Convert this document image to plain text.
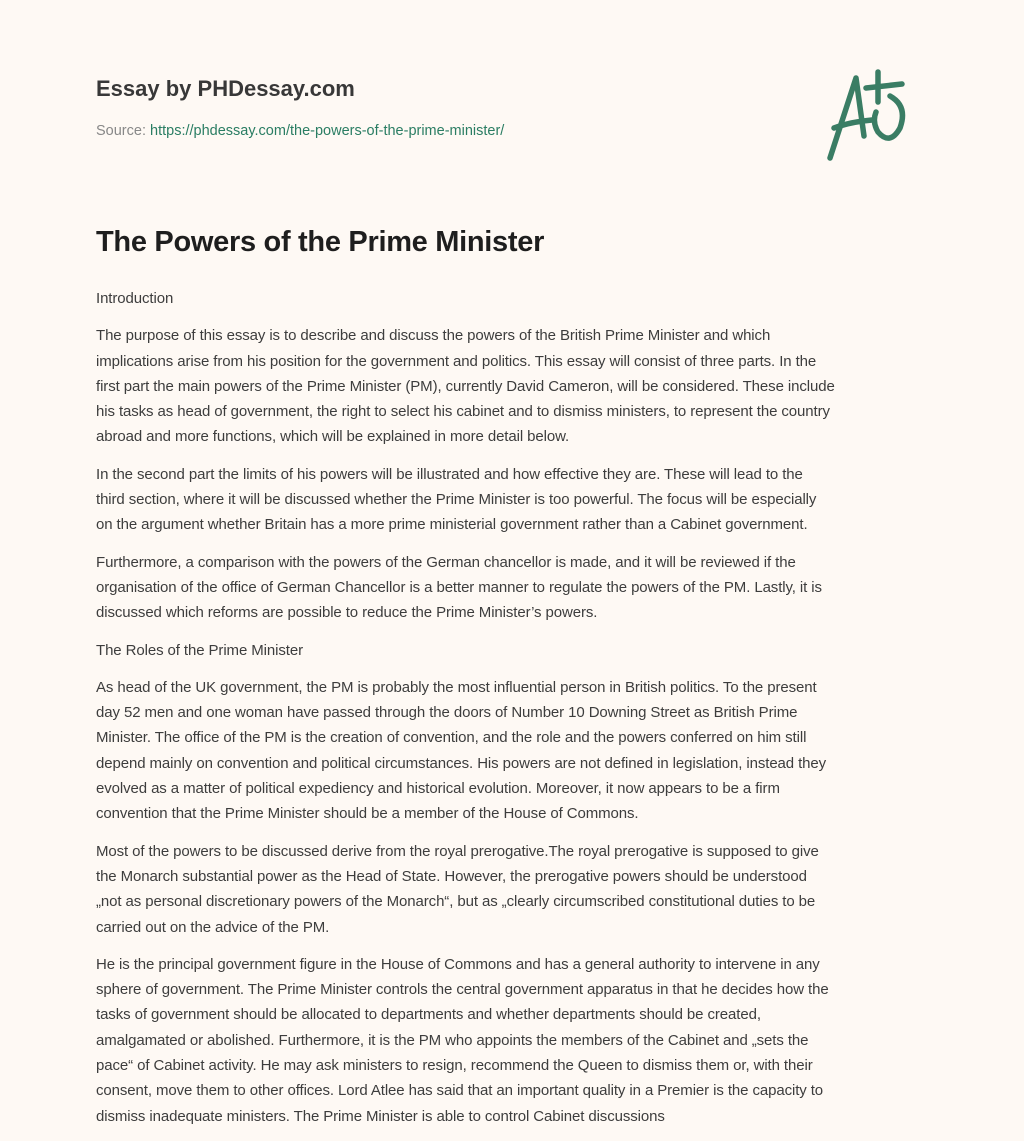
Essay by PHDessay.com
Source: https://phdessay.com/the-powers-of-the-prime-minister/
The Powers of the Prime Minister
Introduction
The purpose of this essay is to describe and discuss the powers of the British Prime Minister and which
implications arise from his position for the government and politics. This essay will consist of three parts. In the
first part the main powers of the Prime Minister (PM), currently David Cameron, will be considered. These include
his tasks as head of government, the right to select his cabinet and to dismiss ministers, to represent the country
abroad and more functions, which will be explained in more detail below.
In the second part the limits of his powers will be illustrated and how effective they are. These will lead to the
third section, where it will be discussed whether the Prime Minister is too powerful. The focus will be especially
on the argument whether Britain has a more prime ministerial government rather than a Cabinet government.
Furthermore, a comparison with the powers of the German chancellor is made, and it will be reviewed if the
organisation of the office of German Chancellor is a better manner to regulate the powers of the PM. Lastly, it is
discussed which reforms are possible to reduce the Prime Minister’s powers.
The Roles of the Prime Minister
As head of the UK government, the PM is probably the most influential person in British politics. To the present
day 52 men and one woman have passed through the doors of Number 10 Downing Street as British Prime
Minister. The office of the PM is the creation of convention, and the role and the powers conferred on him still
depend mainly on convention and political circumstances. His powers are not defined in legislation, instead they
evolved as a matter of political expediency and historical evolution. Moreover, it now appears to be a firm
convention that the Prime Minister should be a member of the House of Commons.
Most of the powers to be discussed derive from the royal prerogative.The royal prerogative is supposed to give
the Monarch substantial power as the Head of State. However, the prerogative powers should be understood
„not as personal discretionary powers of the Monarch“, but as „clearly circumscribed constitutional duties to be
carried out on the advice of the PM.
He is the principal government figure in the House of Commons and has a general authority to intervene in any
sphere of government. The Prime Minister controls the central government apparatus in that he decides how the
tasks of government should be allocated to departments and whether departments should be created,
amalgamated or abolished. Furthermore, it is the PM who appoints the members of the Cabinet and „sets the
pace“ of Cabinet activity. He may ask ministers to resign, recommend the Queen to dismiss them or, with their
consent, move them to other offices. Lord Atlee has said that an important quality in a Premier is the capacity to
dismiss inadequate ministers. The Prime Minister is able to control Cabinet discussions
